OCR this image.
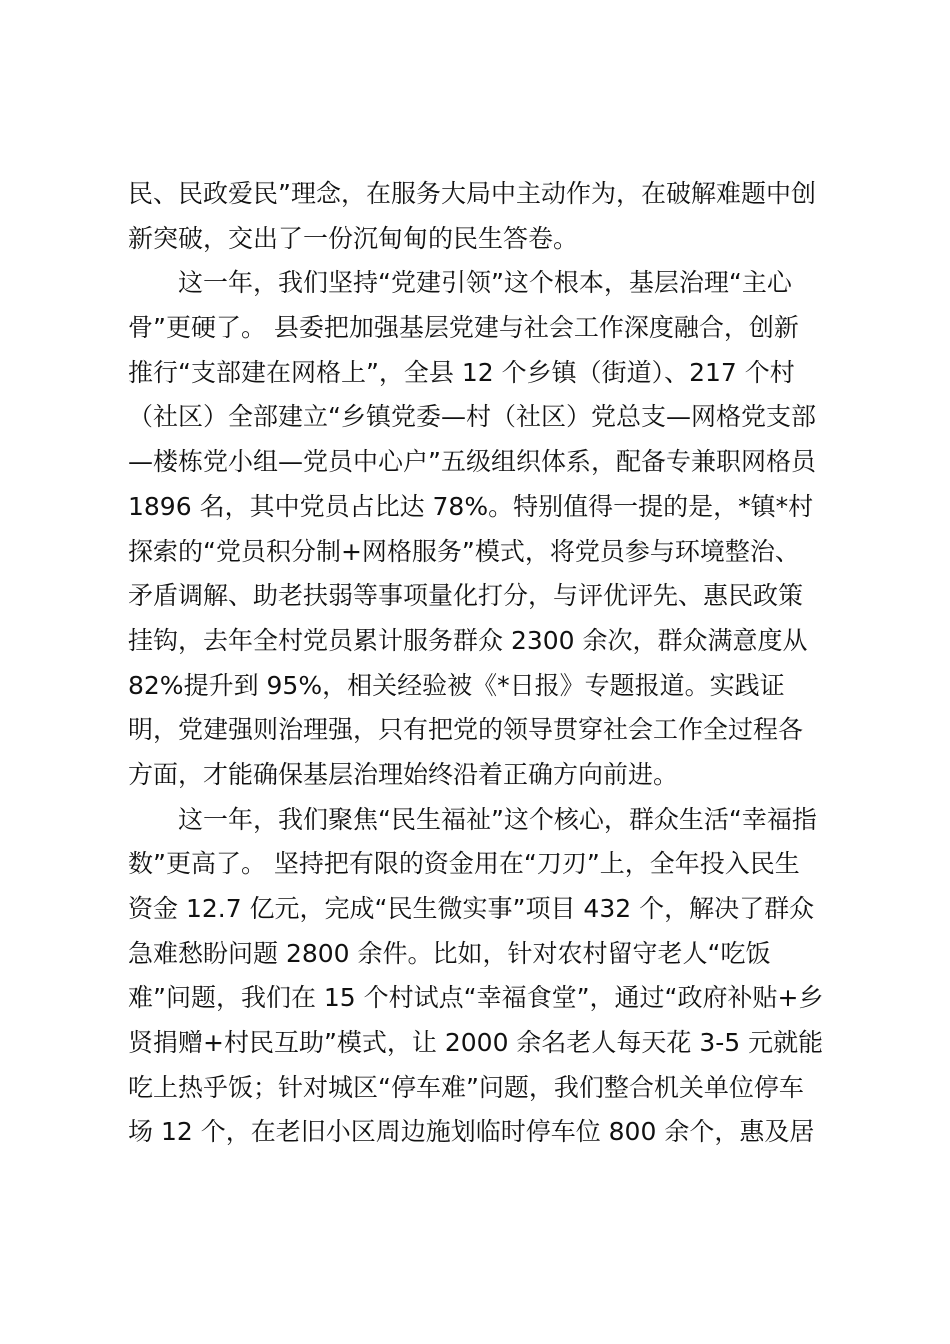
民、民政爱民”理念，在服务大局中主动作为，在破解难题中创
新突破，交出了一份沉甸甸的民生答卷。
这一年，我们坚持“党建引领”这个根本，基层治理“主心
骨”更硬了。 县委把加强基层党建与社会工作深度融合，创新
推行“支部建在网格上”，全县 12 个乡镇（街道）、217 个村
（社区）全部建立“乡镇党委—村（社区）党总支—网格党支部
—楼栋党小组—党员中心户”五级组织体系，配备专兼职网格员
1896 名，其中党员占比达 78%。特别值得一提的是，*镇*村
探索的“党员积分制+网格服务”模式，将党员参与环境整治、
矛盾调解、助老扶弱等事项量化打分，与评优评先、惠民政策
挂钩，去年全村党员累计服务群众 2300 余次，群众满意度从
82%提升到 95%，相关经验被《*日报》专题报道。实践证
明，党建强则治理强，只有把党的领导贯穿社会工作全过程各
方面，才能确保基层治理始终沿着正确方向前进。
这一年，我们聚焦“民生福祉”这个核心，群众生活“幸福指
数”更高了。 坚持把有限的资金用在“刀刃”上，全年投入民生
资金 12.7 亿元，完成“民生微实事”项目 432 个，解决了群众
急难愁盼问题 2800 余件。比如，针对农村留守老人“吃饭
难”问题，我们在 15 个村试点“幸福食堂”，通过“政府补贴+乡
贤捐赠+村民互助”模式，让 2000 余名老人每天花 3-5 元就能
吃上热乎饭；针对城区“停车难”问题，我们整合机关单位停车
场 12 个，在老旧小区周边施划临时停车位 800 余个，惠及居
